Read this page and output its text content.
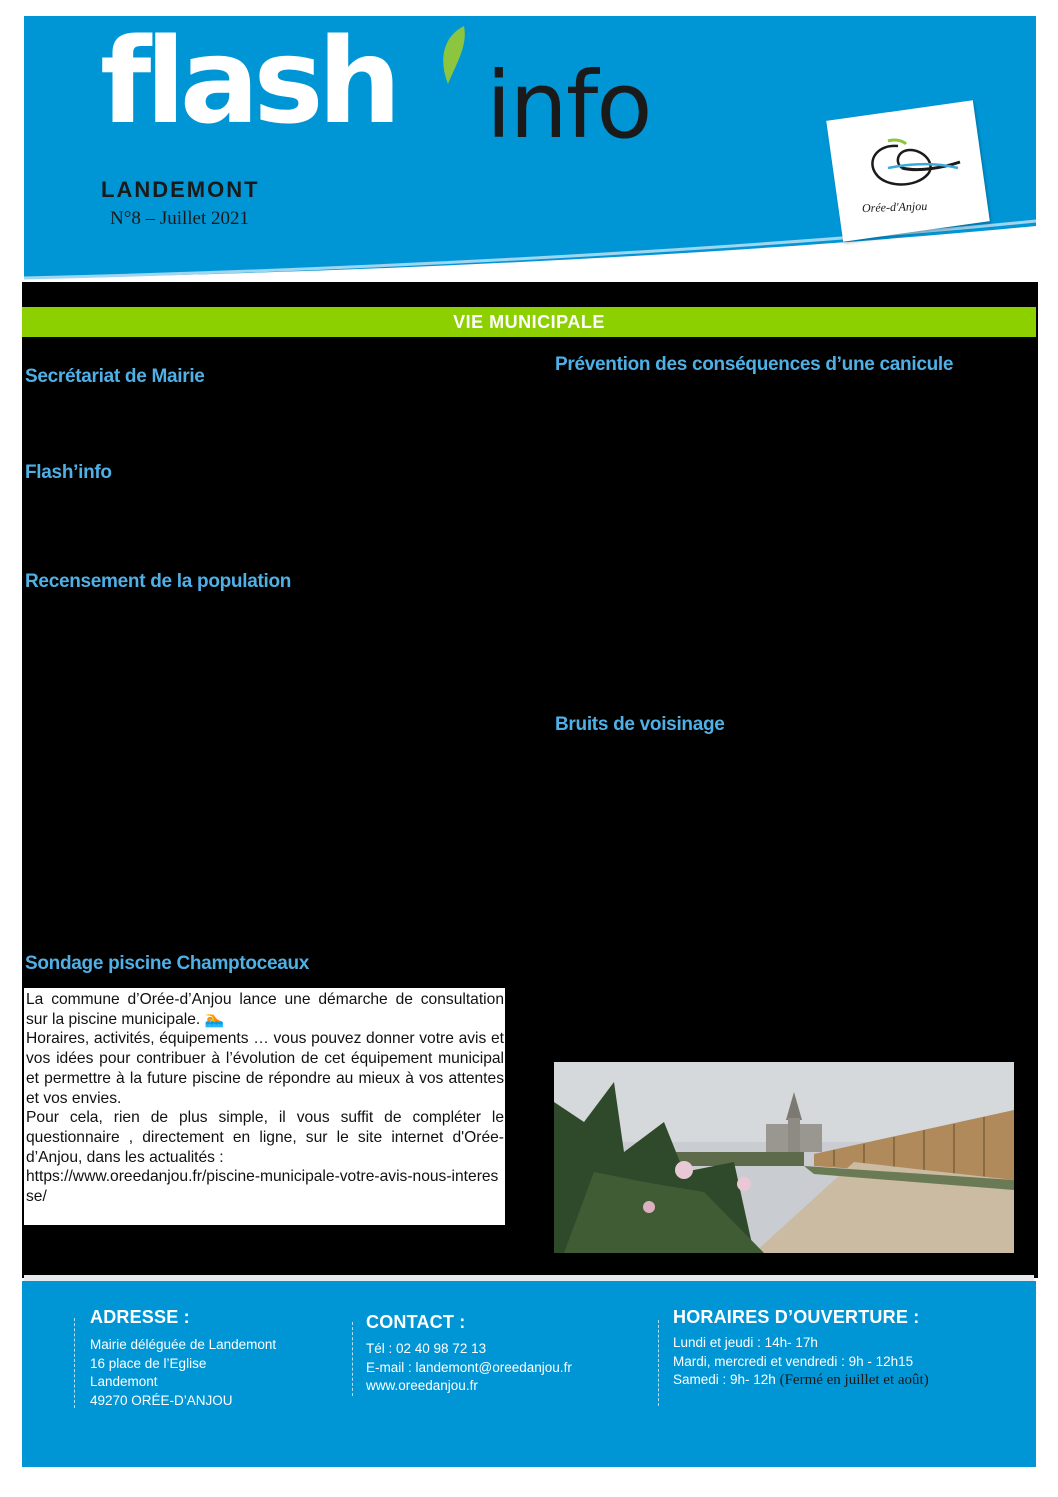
flash info
LANDEMONT
N°8 – Juillet 2021
Orée-d'Anjou
VIE MUNICIPALE
Secrétariat de Mairie
Flash’info
Recensement de la population
Sondage piscine Champtoceaux
Prévention des conséquences d’une canicule
Bruits de voisinage

La commune d’Orée-d’Anjou lance une démarche de consultation sur la piscine municipale. 🏊

Horaires, activités, équipements … vous pouvez donner votre avis et vos idées pour contribuer à l’évolution de cet équipement municipal et permettre à la future piscine de répondre au mieux à vos attentes et vos envies.

Pour cela, rien de plus simple, il vous suffit de compléter le questionnaire , directement en ligne, sur le site internet d'Orée-d’Anjou, dans les actualités :

https://www.oreedanjou.fr/piscine-municipale-votre-avis-nous-interesse/

ADRESSE :
Mairie déléguée de Landemont
16 place de l’Eglise
Landemont
49270 ORÉE-D’ANJOU
CONTACT :
Tél : 02 40 98 72 13
E-mail : landemont@oreedanjou.fr
www.oreedanjou.fr
HORAIRES D’OUVERTURE :
Lundi et jeudi : 14h- 17h
Mardi, mercredi et vendredi : 9h - 12h15
Samedi : 9h- 12h (Fermé en juillet et août)
